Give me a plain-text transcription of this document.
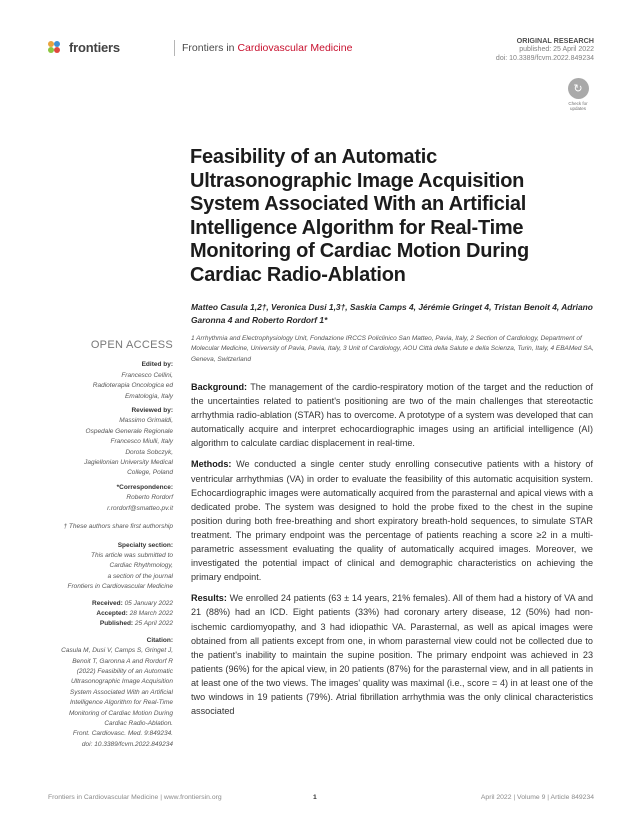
frontiers	Frontiers in Cardiovascular Medicine
ORIGINAL RESEARCH
published: 25 April 2022
doi: 10.3389/fcvm.2022.849234
↻
Check for updates
Feasibility of an Automatic Ultrasonographic Image Acquisition System Associated With an Artificial Intelligence Algorithm for Real-Time Monitoring of Cardiac Motion During Cardiac Radio-Ablation
Matteo Casula 1,2†, Veronica Dusi 1,3†, Saskia Camps 4, Jérémie Gringet 4, Tristan Benoit 4, Adriano Garonna 4 and Roberto Rordorf 1*
1 Arrhythmia and Electrophysiology Unit, Fondazione IRCCS Policlinico San Matteo, Pavia, Italy, 2 Section of Cardiology, Department of Molecular Medicine, University of Pavia, Pavia, Italy, 3 Unit of Cardiology, AOU Città della Salute e della Scienza, Turin, Italy, 4 EBAMed SA, Geneva, Switzerland
OPEN ACCESS
Edited by:
Francesco Cellini,
Radioterapia Oncologica ed
Ematologia, Italy
Reviewed by:
Massimo Grimaldi,
Ospedale Generale Regionale
Francesco Miulli, Italy
Dorota Sobczyk,
Jagiellonian University Medical
College, Poland
*Correspondence:
Roberto Rordorf
r.rordorf@smatteo.pv.it
† These authors share first authorship
Specialty section:
This article was submitted to
Cardiac Rhythmology,
a section of the journal
Frontiers in Cardiovascular Medicine
Received: 05 January 2022
Accepted: 28 March 2022
Published: 25 April 2022
Citation:
Casula M, Dusi V, Camps S, Gringet J,
Benoit T, Garonna A and Rordorf R
(2022) Feasibility of an Automatic
Ultrasonographic Image Acquisition
System Associated With an Artificial
Intelligence Algorithm for Real-Time
Monitoring of Cardiac Motion During
Cardiac Radio-Ablation.
Front. Cardiovasc. Med. 9:849234.
doi: 10.3389/fcvm.2022.849234

Background: The management of the cardio-respiratory motion of the target and the reduction of the uncertainties related to patient's positioning are two of the main challenges that stereotactic arrhythmia radio-ablation (STAR) has to overcome. A prototype of a system was developed that can automatically acquire and interpret echocardiographic images using an artificial intelligence (AI) algorithm to calculate cardiac displacement in real-time.

Methods: We conducted a single center study enrolling consecutive patients with a history of ventricular arrhythmias (VA) in order to evaluate the feasibility of this automatic acquisition system. Echocardiographic images were automatically acquired from the parasternal and apical views with a dedicated probe. The system was designed to hold the probe fixed to the chest in the supine position during both free-breathing and short expiratory breath-hold sequences, to simulate STAR treatment. The primary endpoint was the percentage of patients reaching a score ≥2 in a multi-parametric assessment evaluating the quality of automatically acquired images. Moreover, we investigated the potential impact of clinical and demographic characteristics on achieving the primary endpoint.

Results: We enrolled 24 patients (63 ± 14 years, 21% females). All of them had a history of VA and 21 (88%) had an ICD. Eight patients (33%) had coronary artery disease, 12 (50%) had non-ischemic cardiomyopathy, and 3 had idiopathic VA. Parasternal, as well as apical images were obtained from all patients except from one, in whom parasternal view could not be collected due to the patient's inability to maintain the supine position. The primary endpoint was achieved in 23 patients (96%) for the apical view, in 20 patients (87%) for the parasternal view, and in all patients in at least one of the two views. The images' quality was maximal (i.e., score = 4) in at least one of the two windows in 19 patients (79%). Atrial fibrillation arrhythmia was the only clinical characteristics associated

Frontiers in Cardiovascular Medicine | www.frontiersin.org	1	April 2022 | Volume 9 | Article 849234
